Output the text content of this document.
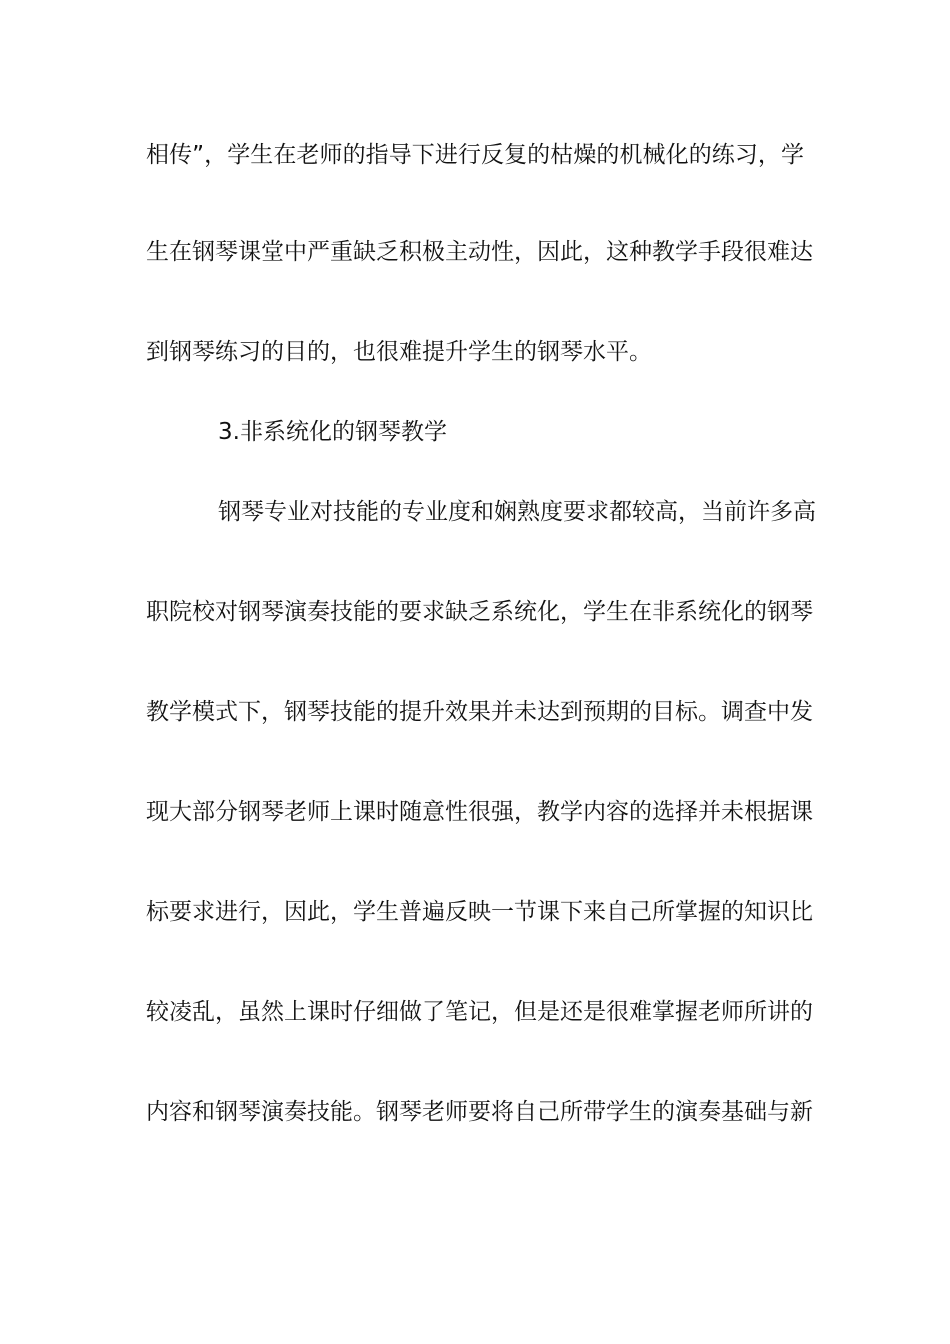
相传”，学生在老师的指导下进行反复的枯燥的机械化的练习，学
生在钢琴课堂中严重缺乏积极主动性，因此，这种教学手段很难达
到钢琴练习的目的，也很难提升学生的钢琴水平。
3.非系统化的钢琴教学
钢琴专业对技能的专业度和娴熟度要求都较高，当前许多高
职院校对钢琴演奏技能的要求缺乏系统化，学生在非系统化的钢琴
教学模式下，钢琴技能的提升效果并未达到预期的目标。调查中发
现大部分钢琴老师上课时随意性很强，教学内容的选择并未根据课
标要求进行，因此，学生普遍反映一节课下来自己所掌握的知识比
较凌乱，虽然上课时仔细做了笔记，但是还是很难掌握老师所讲的
内容和钢琴演奏技能。钢琴老师要将自己所带学生的演奏基础与新
